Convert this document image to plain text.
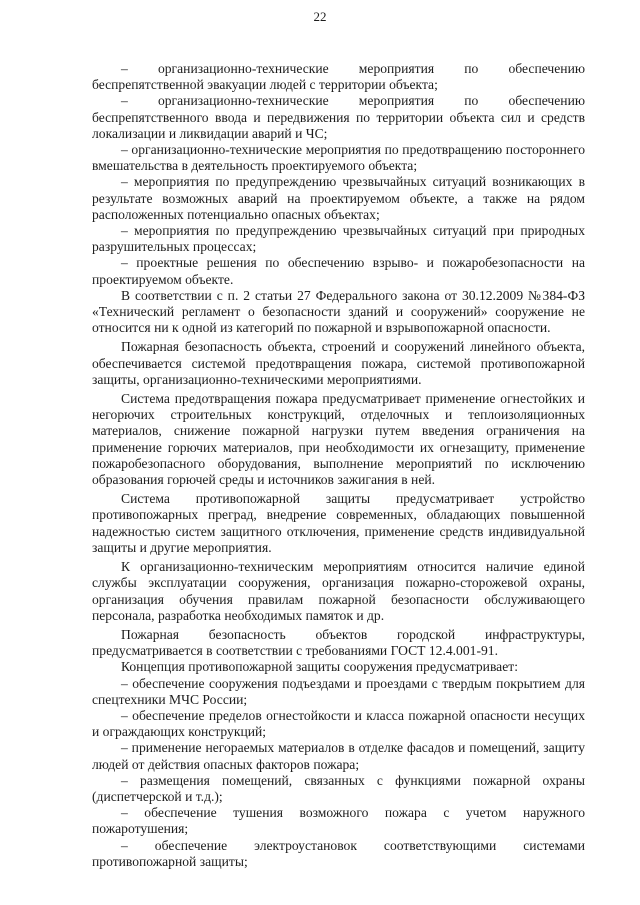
22

– организационно-технические мероприятия по обеспечению беспрепятственной эвакуации людей с территории объекта;

– организационно-технические мероприятия по обеспечению беспрепятственного ввода и передвижения по территории объекта сил и средств локализации и ликвидации аварий и ЧС;

– организационно-технические мероприятия по предотвращению постороннего вмешательства в деятельность проектируемого объекта;

– мероприятия по предупреждению чрезвычайных ситуаций возникающих в результате возможных аварий на проектируемом объекте, а также на рядом расположенных потенциально опасных объектах;

– мероприятия по предупреждению чрезвычайных ситуаций при природных разрушительных процессах;

– проектные решения по обеспечению взрыво- и пожаробезопасности на проектируемом объекте.

В соответствии с п. 2 статьи 27 Федерального закона от 30.12.2009 №384-ФЗ «Технический регламент о безопасности зданий и сооружений» сооружение не относится ни к одной из категорий по пожарной и взрывопожарной опасности.

Пожарная безопасность объекта, строений и сооружений линейного объекта, обеспечивается системой предотвращения пожара, системой противопожарной защиты, организационно-техническими мероприятиями.

Система предотвращения пожара предусматривает применение огнестойких и негорючих строительных конструкций, отделочных и теплоизоляционных материалов, снижение пожарной нагрузки путем введения ограничения на применение горючих материалов, при необходимости их огнезащиту, применение пожаробезопасного оборудования, выполнение мероприятий по исключению образования горючей среды и источников зажигания в ней.

Система противопожарной защиты предусматривает устройство противопожарных преград, внедрение современных, обладающих повышенной надежностью систем защитного отключения, применение средств индивидуальной защиты и другие мероприятия.

К организационно-техническим мероприятиям относится наличие единой службы эксплуатации сооружения, организация пожарно-сторожевой охраны, организация обучения правилам пожарной безопасности обслуживающего персонала, разработка необходимых памяток и др.

Пожарная безопасность объектов городской инфраструктуры, предусматривается в соответствии с требованиями ГОСТ 12.4.001-91.

Концепция противопожарной защиты сооружения предусматривает:

– обеспечение сооружения подъездами и проездами с твердым покрытием для спецтехники МЧС России;

– обеспечение пределов огнестойкости и класса пожарной опасности несущих и ограждающих конструкций;

– применение негораемых материалов в отделке фасадов и помещений, защиту людей от действия опасных факторов пожара;

– размещения помещений, связанных с функциями пожарной охраны (диспетчерской и т.д.);

– обеспечение тушения возможного пожара с учетом наружного пожаротушения;

– обеспечение электроустановок соответствующими системами противопожарной защиты;
